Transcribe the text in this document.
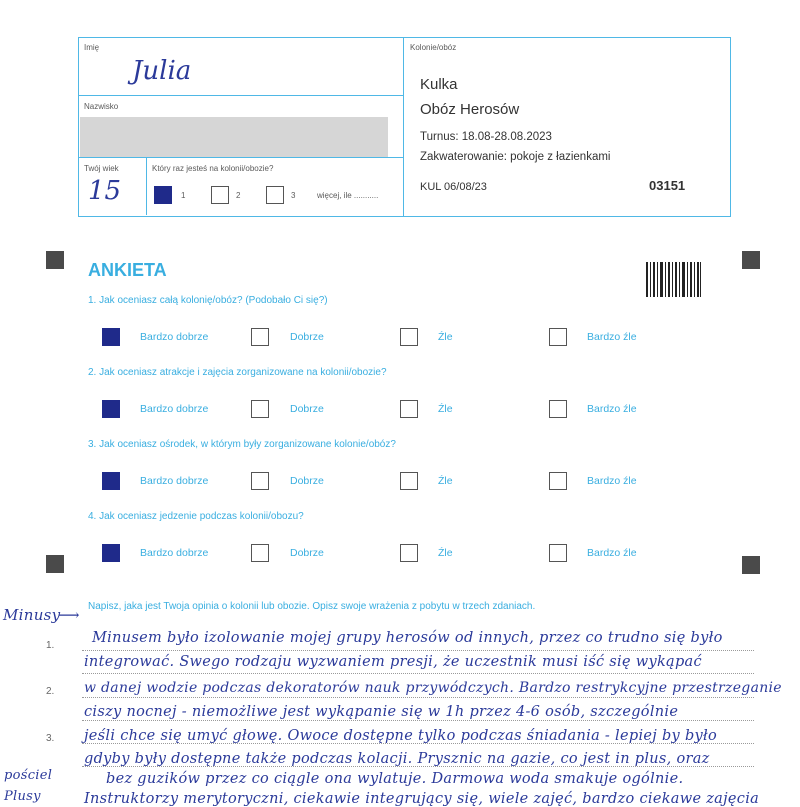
Imię
Julia
Nazwisko
Twój wiek
15
Który raz jesteś na kolonii/obozie?
1	2	3	więcej, ile ...........
Kolonie/obóz
Kulka
Obóz Herosów
Turnus: 18.08-28.08.2023
Zakwaterowanie: pokoje z łazienkami
KUL 06/08/23	03151
ANKIETA
1. Jak oceniasz całą kolonię/obóz? (Podobało Ci się?)
Bardzo dobrze	Dobrze	Źle	Bardzo źle
2. Jak oceniasz atrakcje i zajęcia zorganizowane na kolonii/obozie?
Bardzo dobrze	Dobrze	Źle	Bardzo źle
3. Jak oceniasz ośrodek, w którym były zorganizowane kolonie/obóz?
Bardzo dobrze	Dobrze	Źle	Bardzo źle
4. Jak oceniasz jedzenie podczas kolonii/obozu?
Bardzo dobrze	Dobrze	Źle	Bardzo źle
Napisz, jaka jest Twoja opinia o kolonii lub obozie. Opisz swoje wrażenia z pobytu w trzech zdaniach.
1.
2.
3.
Minusy
⟶
pościel
Plusy
Minusem było izolowanie mojej grupy herosów od innych, przez co trudno się było
integrować. Swego rodzaju wyzwaniem presji, że uczestnik musi iść się wykąpać
w danej wodzie podczas dekoratorów nauk przywódczych. Bardzo restrykcyjne przestrzeganie
ciszy nocnej - niemożliwe jest wykąpanie się w 1h przez 4-6 osób, szczególnie
jeśli chce się umyć głowę. Owoce dostępne tylko podczas śniadania - lepiej by było
gdyby były dostępne także podczas kolacji. Prysznic na gazie, co jest in plus, oraz
bez guzików przez co ciągle ona wylatuje. Darmowa woda smakuje ogólnie.
Instruktorzy merytoryczni, ciekawie integrujący się, wiele zajęć, bardzo ciekawe zajęcia
